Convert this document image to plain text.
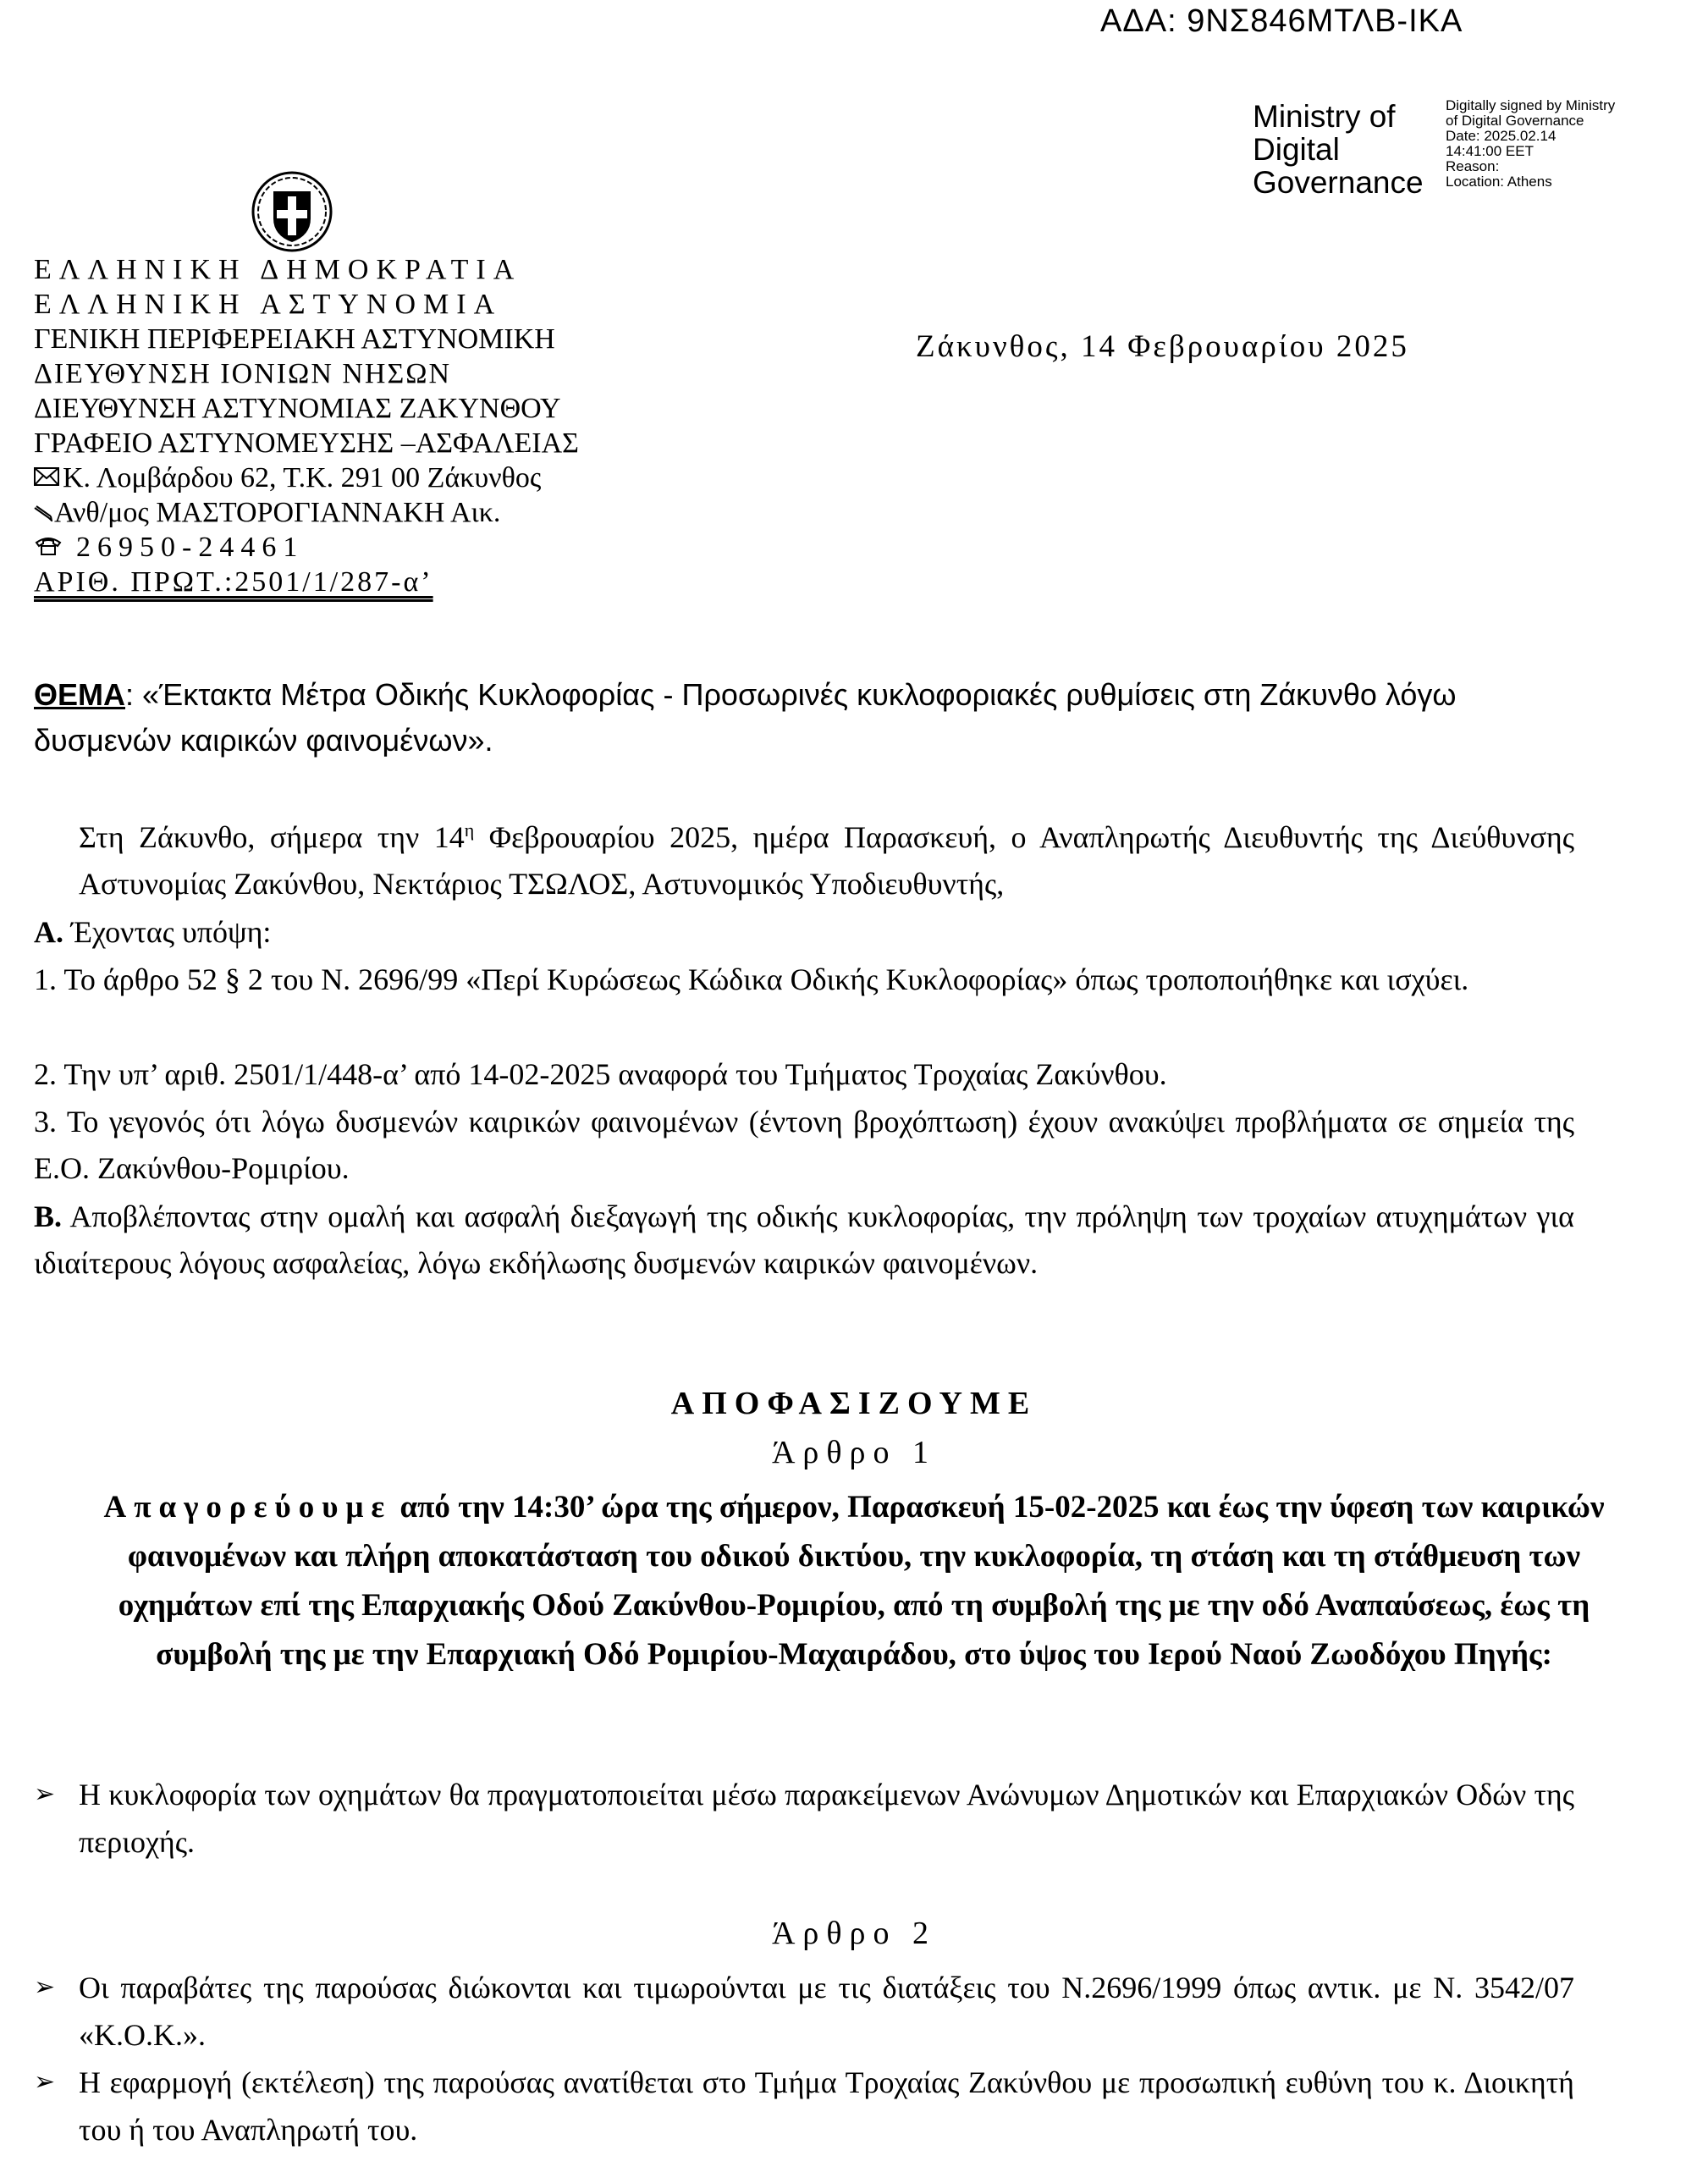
ΑΔΑ: 9ΝΣ846ΜΤΛΒ-ΙΚΑ
Ministry of
Digital
Governance
Digitally signed by Ministry
of Digital Governance
Date: 2025.02.14
14:41:00 EET
Reason:
Location: Athens
ΕΛΛΗΝΙΚΗ ΔΗΜΟΚΡΑΤΙΑ
ΕΛΛΗΝΙΚΗ ΑΣΤΥΝΟΜΙΑ
ΓΕΝΙΚΗ ΠΕΡΙΦΕΡΕΙΑΚΗ ΑΣΤΥΝΟΜΙΚΗ
ΔΙΕΥΘΥΝΣΗ ΙΟΝΙΩΝ ΝΗΣΩΝ
ΔΙΕΥΘΥΝΣΗ ΑΣΤΥΝΟΜΙΑΣ ΖΑΚΥΝΘΟΥ
ΓΡΑΦΕΙΟ ΑΣΤΥΝΟΜΕΥΣΗΣ –ΑΣΦΑΛΕΙΑΣ
Κ. Λομβάρδου 62, Τ.Κ. 291 00 Ζάκυνθος
Ανθ/μος ΜΑΣΤΟΡΟΓΙΑΝΝΑΚΗ Αικ.
26950-24461
ΑΡΙΘ. ΠΡΩΤ.:2501/1/287-α’
Ζάκυνθος, 14 Φεβρουαρίου 2025
ΘΕΜΑ: «Έκτακτα Μέτρα Οδικής Κυκλοφορίας - Προσωρινές κυκλοφοριακές ρυθμίσεις στη Ζάκυνθο λόγω δυσμενών καιρικών φαινομένων».
Στη Ζάκυνθο, σήμερα την $14^\eta$ Φεβρουαρίου 2025, ημέρα Παρασκευή, ο Αναπληρωτής Διευθυντής της Διεύθυνσης Αστυνομίας Ζακύνθου, Νεκτάριος ΤΣΩΛΟΣ, Αστυνομικός Υποδιευθυντής,
Α. Έχοντας υπόψη:
1. Το άρθρο 52 § 2 του Ν. 2696/99 «Περί Κυρώσεως Κώδικα Οδικής Κυκλοφορίας» όπως τροποποιήθηκε και ισχύει.
2. Την υπ’ αριθ. 2501/1/448-α’ από 14-02-2025 αναφορά του Τμήματος Τροχαίας Ζακύνθου.
3. Το γεγονός ότι λόγω δυσμενών καιρικών φαινομένων (έντονη βροχόπτωση) έχουν ανακύψει προβλήματα σε σημεία της Ε.Ο. Ζακύνθου-Ρομιρίου.
Β. Αποβλέποντας στην ομαλή και ασφαλή διεξαγωγή της οδικής κυκλοφορίας, την πρόληψη των τροχαίων ατυχημάτων για ιδιαίτερους λόγους ασφαλείας, λόγω εκδήλωσης δυσμενών καιρικών φαινομένων.
ΑΠΟΦΑΣΙΖΟΥΜΕ
Άρθρο 1
Απαγορεύουμε από την 14:30’ ώρα της σήμερον, Παρασκευή 15-02-2025 και έως την ύφεση των καιρικών φαινομένων και πλήρη αποκατάσταση του οδικού δικτύου, την κυκλοφορία, τη στάση και τη στάθμευση των οχημάτων επί της Επαρχιακής Οδού Ζακύνθου-Ρομιρίου, από τη συμβολή της με την οδό Αναπαύσεως, έως τη συμβολή της με την Επαρχιακή Οδό Ρομιρίου-Μαχαιράδου, στο ύψος του Ιερού Ναού Ζωοδόχου Πηγής:
➢ Η κυκλοφορία των οχημάτων θα πραγματοποιείται μέσω παρακείμενων Ανώνυμων Δημοτικών και Επαρχιακών Οδών της περιοχής.
Άρθρο 2
➢ Οι παραβάτες της παρούσας διώκονται και τιμωρούνται με τις διατάξεις του Ν.2696/1999 όπως αντικ. με Ν. 3542/07 «Κ.Ο.Κ.».
➢ Η εφαρμογή (εκτέλεση) της παρούσας ανατίθεται στο Τμήμα Τροχαίας Ζακύνθου με προσωπική ευθύνη του κ. Διοικητή του ή του Αναπληρωτή του.
